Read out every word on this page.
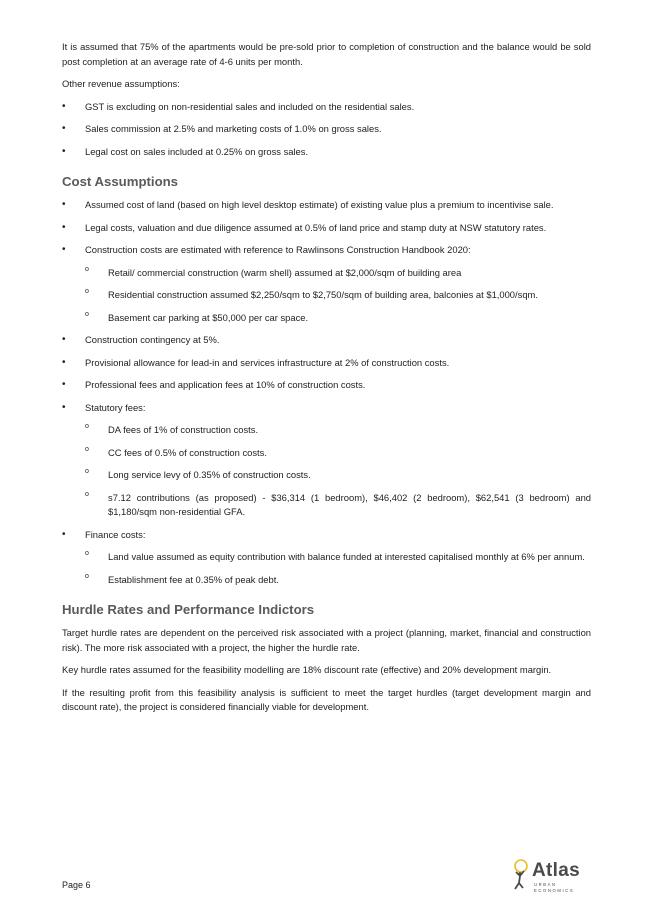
It is assumed that 75% of the apartments would be pre-sold prior to completion of construction and the balance would be sold post completion at an average rate of 4-6 units per month.

Other revenue assumptions:

• GST is excluding on non-residential sales and included on the residential sales.

• Sales commission at 2.5% and marketing costs of 1.0% on gross sales.

• Legal cost on sales included at 0.25% on gross sales.

Cost Assumptions
• Assumed cost of land (based on high level desktop estimate) of existing value plus a premium to incentivise sale.

• Legal costs, valuation and due diligence assumed at 0.5% of land price and stamp duty at NSW statutory rates.

• Construction costs are estimated with reference to Rawlinsons Construction Handbook 2020:

o Retail/ commercial construction (warm shell) assumed at $2,000/sqm of building area

o Residential construction assumed $2,250/sqm to $2,750/sqm of building area, balconies at $1,000/sqm.

o Basement car parking at $50,000 per car space.

• Construction contingency at 5%.

• Provisional allowance for lead-in and services infrastructure at 2% of construction costs.

• Professional fees and application fees at 10% of construction costs.

• Statutory fees:

o DA fees of 1% of construction costs.

o CC fees of 0.5% of construction costs.

o Long service levy of 0.35% of construction costs.

o s7.12 contributions (as proposed) - $36,314 (1 bedroom), $46,402 (2 bedroom), $62,541 (3 bedroom) and $1,180/sqm non-residential GFA.

• Finance costs:

o Land value assumed as equity contribution with balance funded at interested capitalised monthly at 6% per annum.

o Establishment fee at 0.35% of peak debt.

Hurdle Rates and Performance Indictors

Target hurdle rates are dependent on the perceived risk associated with a project (planning, market, financial and construction risk). The more risk associated with a project, the higher the hurdle rate.

Key hurdle rates assumed for the feasibility modelling are 18% discount rate (effective) and 20% development margin.

If the resulting profit from this feasibility analysis is sufficient to meet the target hurdles (target development margin and discount rate), the project is considered financially viable for development.

Page 6
Atlas
URBAN ECONOMICS
